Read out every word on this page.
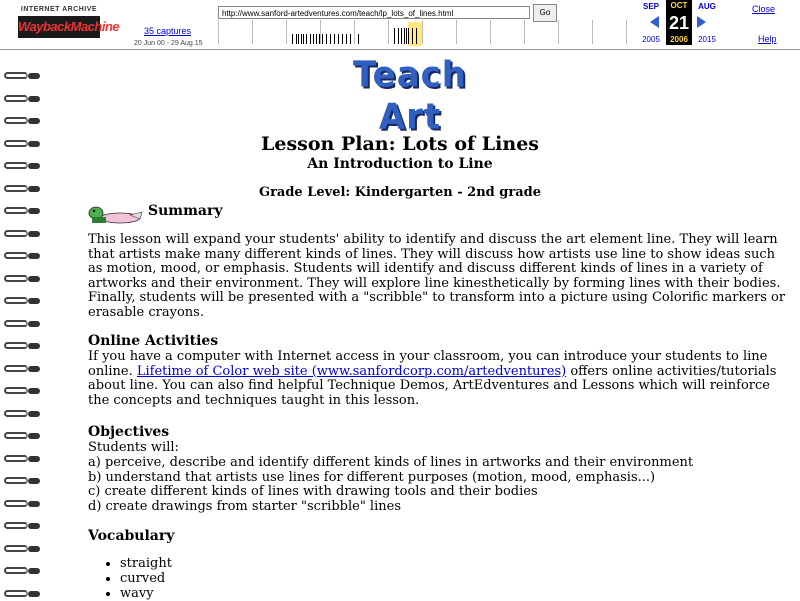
INTERNET ARCHIVE
WaybackMachine
http://www.sanford-artedventures.com/teach/lp_lots_of_lines.html	Go
35 captures
20 Jun 00 - 29 Aug 15
SEP	OCT	AUG
21
2005	2006	2015
Close
Help
Teach Art
Lesson Plan: Lots of Lines
An Introduction to Line
Grade Level: Kindergarten - 2nd grade
Summary
This lesson will expand your students' ability to identify and discuss the art element line. They will learn that artists make many different kinds of lines. They will discuss how artists use line to show ideas such as motion, mood, or emphasis. Students will identify and discuss different kinds of lines in a variety of artworks and their environment. They will explore line kinesthetically by forming lines with their bodies. Finally, students will be presented with a "scribble" to transform into a picture using Colorific markers or erasable crayons.
Online Activities
If you have a computer with Internet access in your classroom, you can introduce your students to line online. Lifetime of Color web site (www.sanfordcorp.com/artedventures) offers online activities/tutorials about line. You can also find helpful Technique Demos, ArtEdventures and Lessons which will reinforce the concepts and techniques taught in this lesson.
Objectives
Students will:
a) perceive, describe and identify different kinds of lines in artworks and their environment
b) understand that artists use lines for different purposes (motion, mood, emphasis...)
c) create different kinds of lines with drawing tools and their bodies
d) create drawings from starter "scribble" lines
Vocabulary
• straight
• curved
• wavy
